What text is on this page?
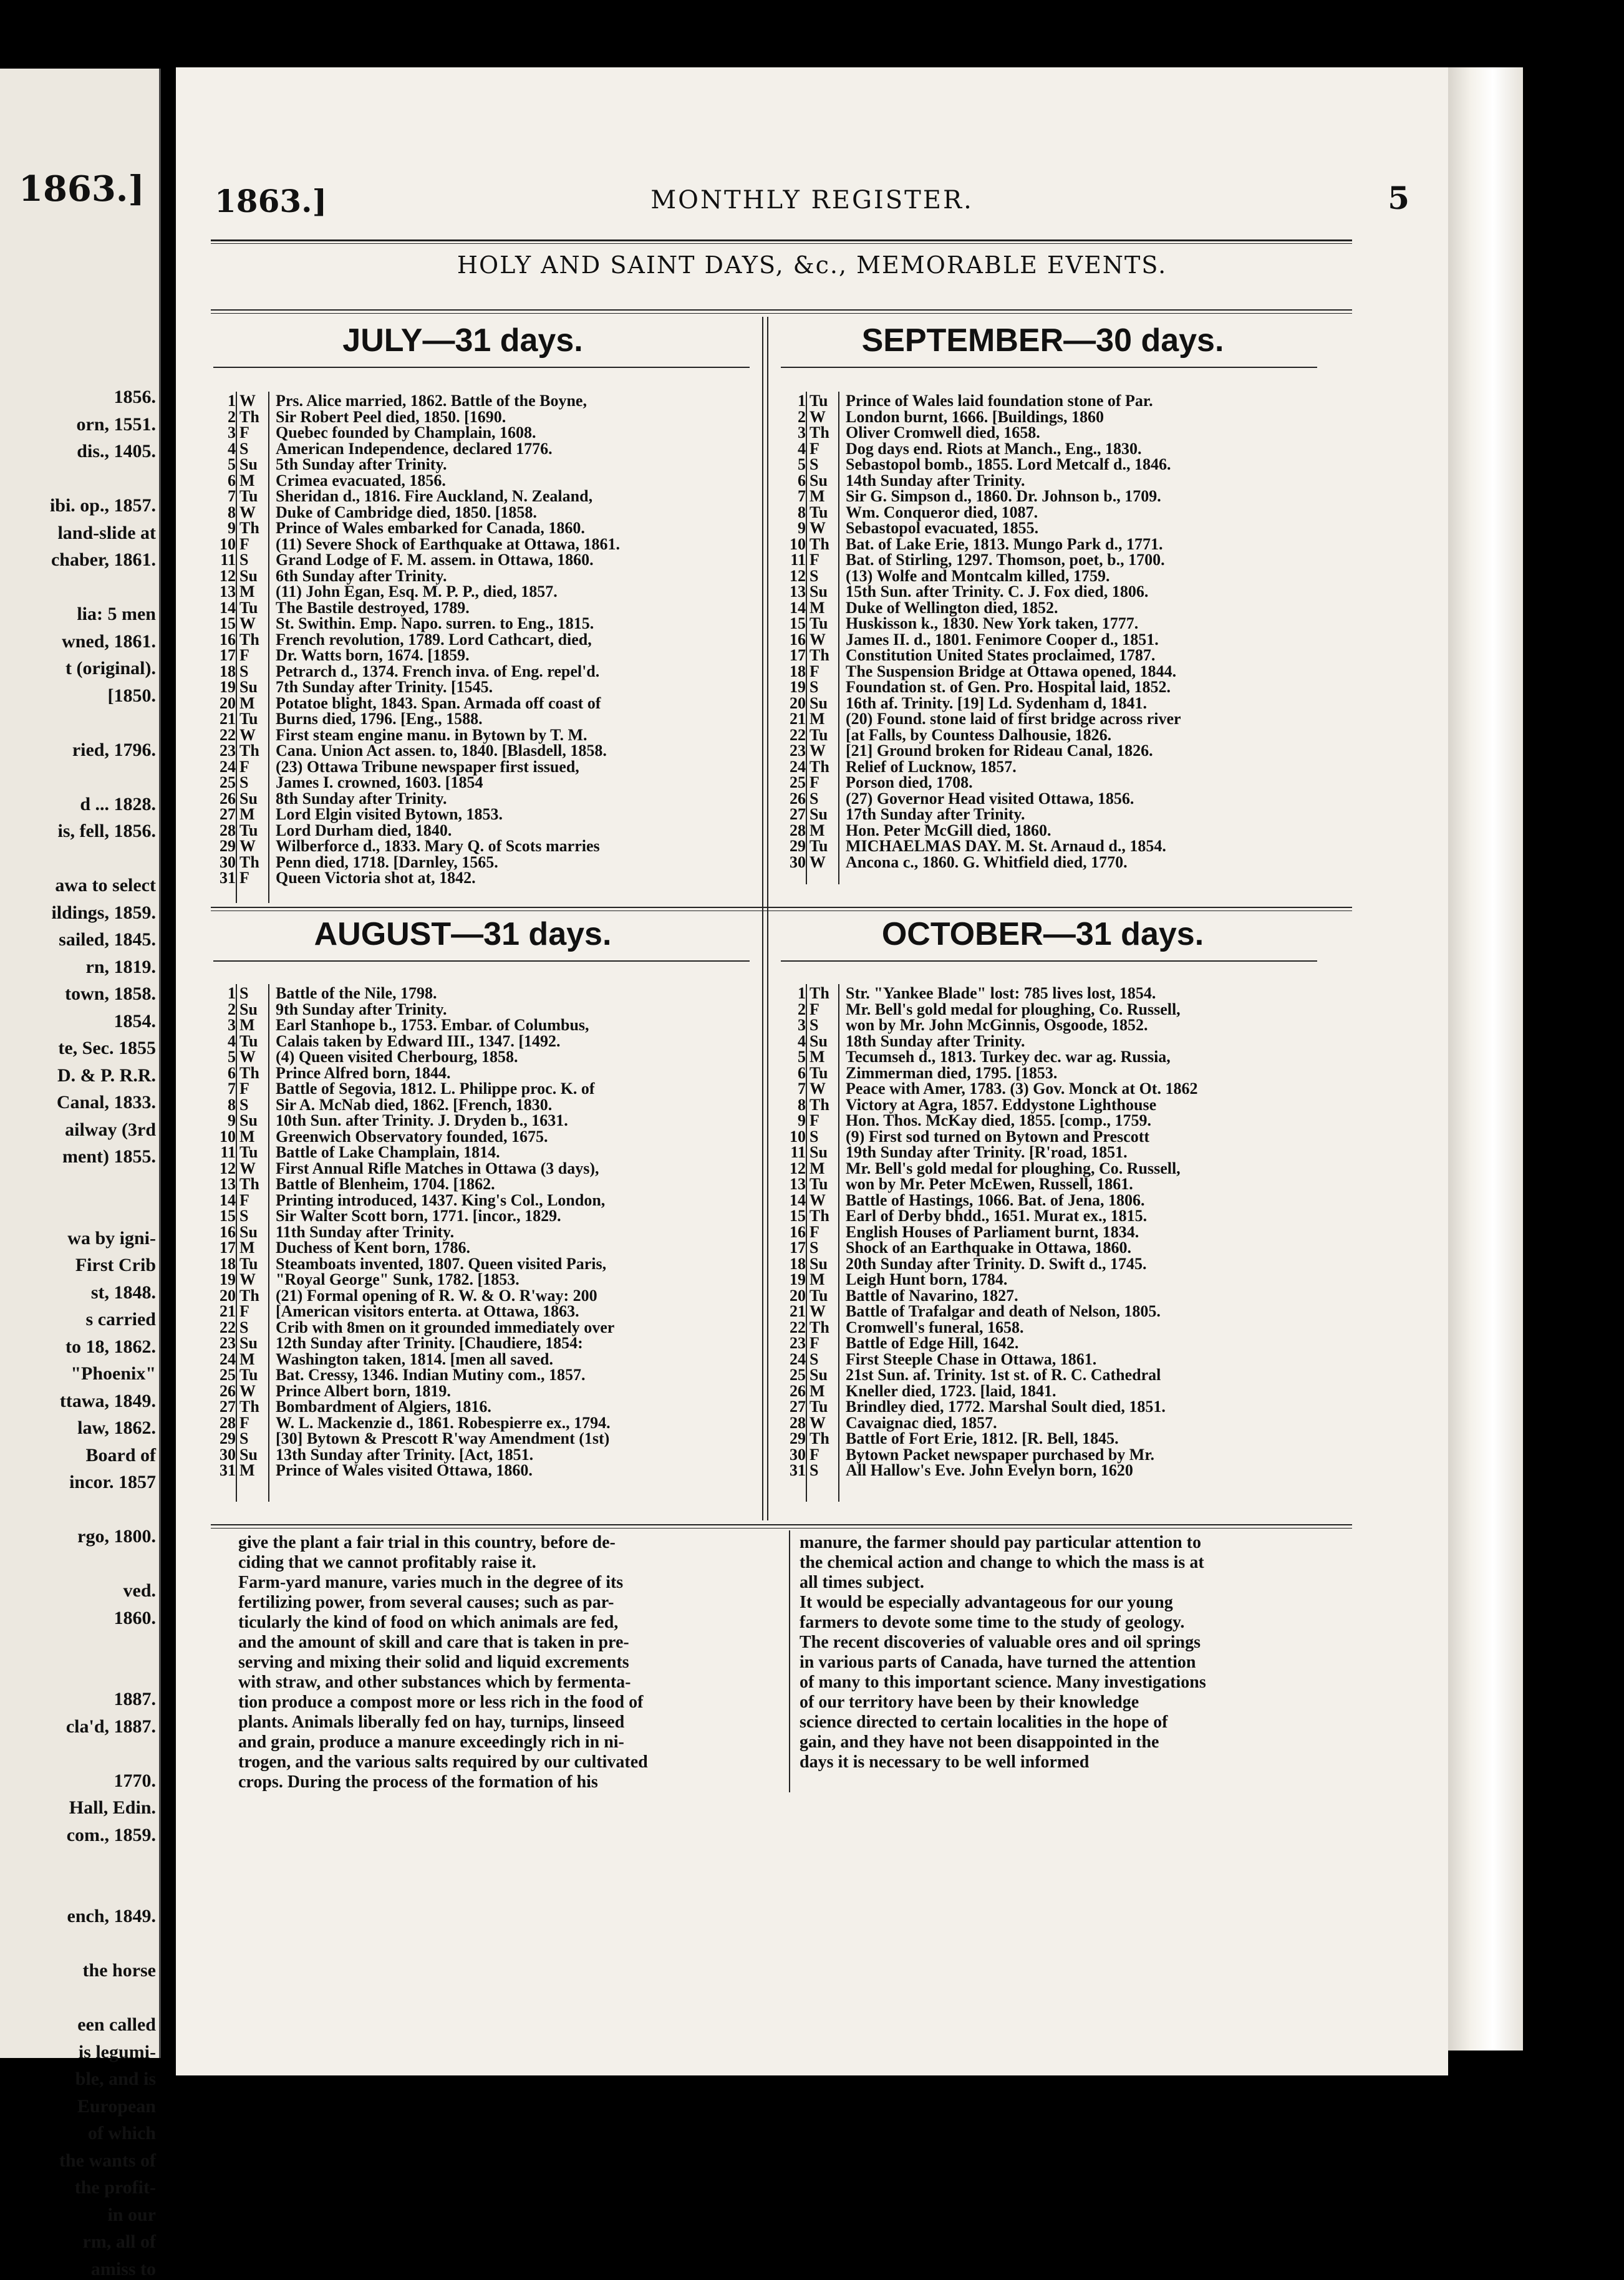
1863.]
1856.
orn, 1551.
dis., 1405.
ibi. op., 1857.
land-slide at
chaber, 1861.
lia: 5 men
wned, 1861.
t (original).
[1850.
ried, 1796.
d ... 1828.
is, fell, 1856.
awa to select
ildings, 1859.
sailed, 1845.
rn, 1819.
town, 1858.
1854.
te, Sec. 1855
D. & P. R.R.
Canal, 1833.
ailway (3rd
ment) 1855.
wa by igni-
First Crib
st, 1848.
s carried
to 18, 1862.
"Phoenix"
ttawa, 1849.
law, 1862.
Board of
incor. 1857
rgo, 1800.
ved.
1860.
1887.
cla'd, 1887.
1770.
Hall, Edin.
com., 1859.
ench, 1849.
the horse
een called
is legumi-
ble, and is
European
of which
the wants of
the profit-
in our
rm, all of
amiss to
1863.]	MONTHLY REGISTER.	5
HOLY AND SAINT DAYS, &c., MEMORABLE EVENTS.
JULY—31 days.
1 W	Prs. Alice married, 1862. Battle of the Boyne,
2 Th	Sir Robert Peel died, 1850. [1690.
3 F	Quebec founded by Champlain, 1608.
4 S	American Independence, declared 1776.
5 Su	5th Sunday after Trinity.
6 M	Crimea evacuated, 1856.
7 Tu	Sheridan d., 1816. Fire Auckland, N. Zealand,
8 W	Duke of Cambridge died, 1850. [1858.
9 Th	Prince of Wales embarked for Canada, 1860.
10 F	(11) Severe Shock of Earthquake at Ottawa, 1861.
11 S	Grand Lodge of F. M. assem. in Ottawa, 1860.
12 Su	6th Sunday after Trinity.
13 M	(11) John Egan, Esq. M. P. P., died, 1857.
14 Tu	The Bastile destroyed, 1789.
15 W	St. Swithin. Emp. Napo. surren. to Eng., 1815.
16 Th	French revolution, 1789. Lord Cathcart, died,
17 F	Dr. Watts born, 1674. [1859.
18 S	Petrarch d., 1374. French inva. of Eng. repel'd.
19 Su	7th Sunday after Trinity. [1545.
20 M	Potatoe blight, 1843. Span. Armada off coast of
21 Tu	Burns died, 1796. [Eng., 1588.
22 W	First steam engine manu. in Bytown by T. M.
23 Th	Cana. Union Act assen. to, 1840. [Blasdell, 1858.
24 F	(23) Ottawa Tribune newspaper first issued,
25 S	James I. crowned, 1603. [1854
26 Su	8th Sunday after Trinity.
27 M	Lord Elgin visited Bytown, 1853.
28 Tu	Lord Durham died, 1840.
29 W	Wilberforce d., 1833. Mary Q. of Scots marries
30 Th	Penn died, 1718. [Darnley, 1565.
31 F	Queen Victoria shot at, 1842.
SEPTEMBER—30 days.
1 Tu	Prince of Wales laid foundation stone of Par.
2 W	London burnt, 1666. [Buildings, 1860
3 Th	Oliver Cromwell died, 1658.
4 F	Dog days end. Riots at Manch., Eng., 1830.
5 S	Sebastopol bomb., 1855. Lord Metcalf d., 1846.
6 Su	14th Sunday after Trinity.
7 M	Sir G. Simpson d., 1860. Dr. Johnson b., 1709.
8 Tu	Wm. Conqueror died, 1087.
9 W	Sebastopol evacuated, 1855.
10 Th	Bat. of Lake Erie, 1813. Mungo Park d., 1771.
11 F	Bat. of Stirling, 1297. Thomson, poet, b., 1700.
12 S	(13) Wolfe and Montcalm killed, 1759.
13 Su	15th Sun. after Trinity. C. J. Fox died, 1806.
14 M	Duke of Wellington died, 1852.
15 Tu	Huskisson k., 1830. New York taken, 1777.
16 W	James II. d., 1801. Fenimore Cooper d., 1851.
17 Th	Constitution United States proclaimed, 1787.
18 F	The Suspension Bridge at Ottawa opened, 1844.
19 S	Foundation st. of Gen. Pro. Hospital laid, 1852.
20 Su	16th af. Trinity. [19] Ld. Sydenham d, 1841.
21 M	(20) Found. stone laid of first bridge across river
22 Tu	[at Falls, by Countess Dalhousie, 1826.
23 W	[21] Ground broken for Rideau Canal, 1826.
24 Th	Relief of Lucknow, 1857.
25 F	Porson died, 1708.
26 S	(27) Governor Head visited Ottawa, 1856.
27 Su	17th Sunday after Trinity.
28 M	Hon. Peter McGill died, 1860.
29 Tu	MICHAELMAS DAY. M. St. Arnaud d., 1854.
30 W	Ancona c., 1860. G. Whitfield died, 1770.
AUGUST—31 days.
1 S	Battle of the Nile, 1798.
2 Su	9th Sunday after Trinity.
3 M	Earl Stanhope b., 1753. Embar. of Columbus,
4 Tu	Calais taken by Edward III., 1347. [1492.
5 W	(4) Queen visited Cherbourg, 1858.
6 Th	Prince Alfred born, 1844.
7 F	Battle of Segovia, 1812. L. Philippe proc. K. of
8 S	Sir A. McNab died, 1862. [French, 1830.
9 Su	10th Sun. after Trinity. J. Dryden b., 1631.
10 M	Greenwich Observatory founded, 1675.
11 Tu	Battle of Lake Champlain, 1814.
12 W	First Annual Rifle Matches in Ottawa (3 days),
13 Th	Battle of Blenheim, 1704. [1862.
14 F	Printing introduced, 1437. King's Col., London,
15 S	Sir Walter Scott born, 1771. [incor., 1829.
16 Su	11th Sunday after Trinity.
17 M	Duchess of Kent born, 1786.
18 Tu	Steamboats invented, 1807. Queen visited Paris,
19 W	"Royal George" Sunk, 1782. [1853.
20 Th	(21) Formal opening of R. W. & O. R'way: 200
21 F	[American visitors enterta. at Ottawa, 1863.
22 S	Crib with 8men on it grounded immediately over
23 Su	12th Sunday after Trinity. [Chaudiere, 1854:
24 M	Washington taken, 1814. [men all saved.
25 Tu	Bat. Cressy, 1346. Indian Mutiny com., 1857.
26 W	Prince Albert born, 1819.
27 Th	Bombardment of Algiers, 1816.
28 F	W. L. Mackenzie d., 1861. Robespierre ex., 1794.
29 S	[30] Bytown & Prescott R'way Amendment (1st)
30 Su	13th Sunday after Trinity. [Act, 1851.
31 M	Prince of Wales visited Ottawa, 1860.
OCTOBER—31 days.
1 Th	Str. "Yankee Blade" lost: 785 lives lost, 1854.
2 F	Mr. Bell's gold medal for ploughing, Co. Russell,
3 S	won by Mr. John McGinnis, Osgoode, 1852.
4 Su	18th Sunday after Trinity.
5 M	Tecumseh d., 1813. Turkey dec. war ag. Russia,
6 Tu	Zimmerman died, 1795. [1853.
7 W	Peace with Amer, 1783. (3) Gov. Monck at Ot. 1862
8 Th	Victory at Agra, 1857. Eddystone Lighthouse
9 F	Hon. Thos. McKay died, 1855. [comp., 1759.
10 S	(9) First sod turned on Bytown and Prescott
11 Su	19th Sunday after Trinity. [R'road, 1851.
12 M	Mr. Bell's gold medal for ploughing, Co. Russell,
13 Tu	won by Mr. Peter McEwen, Russell, 1861.
14 W	Battle of Hastings, 1066. Bat. of Jena, 1806.
15 Th	Earl of Derby bhdd., 1651. Murat ex., 1815.
16 F	English Houses of Parliament burnt, 1834.
17 S	Shock of an Earthquake in Ottawa, 1860.
18 Su	20th Sunday after Trinity. D. Swift d., 1745.
19 M	Leigh Hunt born, 1784.
20 Tu	Battle of Navarino, 1827.
21 W	Battle of Trafalgar and death of Nelson, 1805.
22 Th	Cromwell's funeral, 1658.
23 F	Battle of Edge Hill, 1642.
24 S	First Steeple Chase in Ottawa, 1861.
25 Su	21st Sun. af. Trinity. 1st st. of R. C. Cathedral
26 M	Kneller died, 1723. [laid, 1841.
27 Tu	Brindley died, 1772. Marshal Soult died, 1851.
28 W	Cavaignac died, 1857.
29 Th	Battle of Fort Erie, 1812. [R. Bell, 1845.
30 F	Bytown Packet newspaper purchased by Mr.
31 S	All Hallow's Eve. John Evelyn born, 1620
give the plant a fair trial in this country, before de-
ciding that we cannot profitably raise it.
Farm-yard manure, varies much in the degree of its
fertilizing power, from several causes; such as par-
ticularly the kind of food on which animals are fed,
and the amount of skill and care that is taken in pre-
serving and mixing their solid and liquid excrements
with straw, and other substances which by fermenta-
tion produce a compost more or less rich in the food of
plants. Animals liberally fed on hay, turnips, linseed
and grain, produce a manure exceedingly rich in ni-
trogen, and the various salts required by our cultivated
crops. During the process of the formation of his
manure, the farmer should pay particular attention to
the chemical action and change to which the mass is at
all times subject.
It would be especially advantageous for our young
farmers to devote some time to the study of geology.
The recent discoveries of valuable ores and oil springs
in various parts of Canada, have turned the attention
of many to this important science. Many investigations
of our territory have been by their knowledge
science directed to certain localities in the hope of
gain, and they have not been disappointed in the
days it is necessary to be well informed
